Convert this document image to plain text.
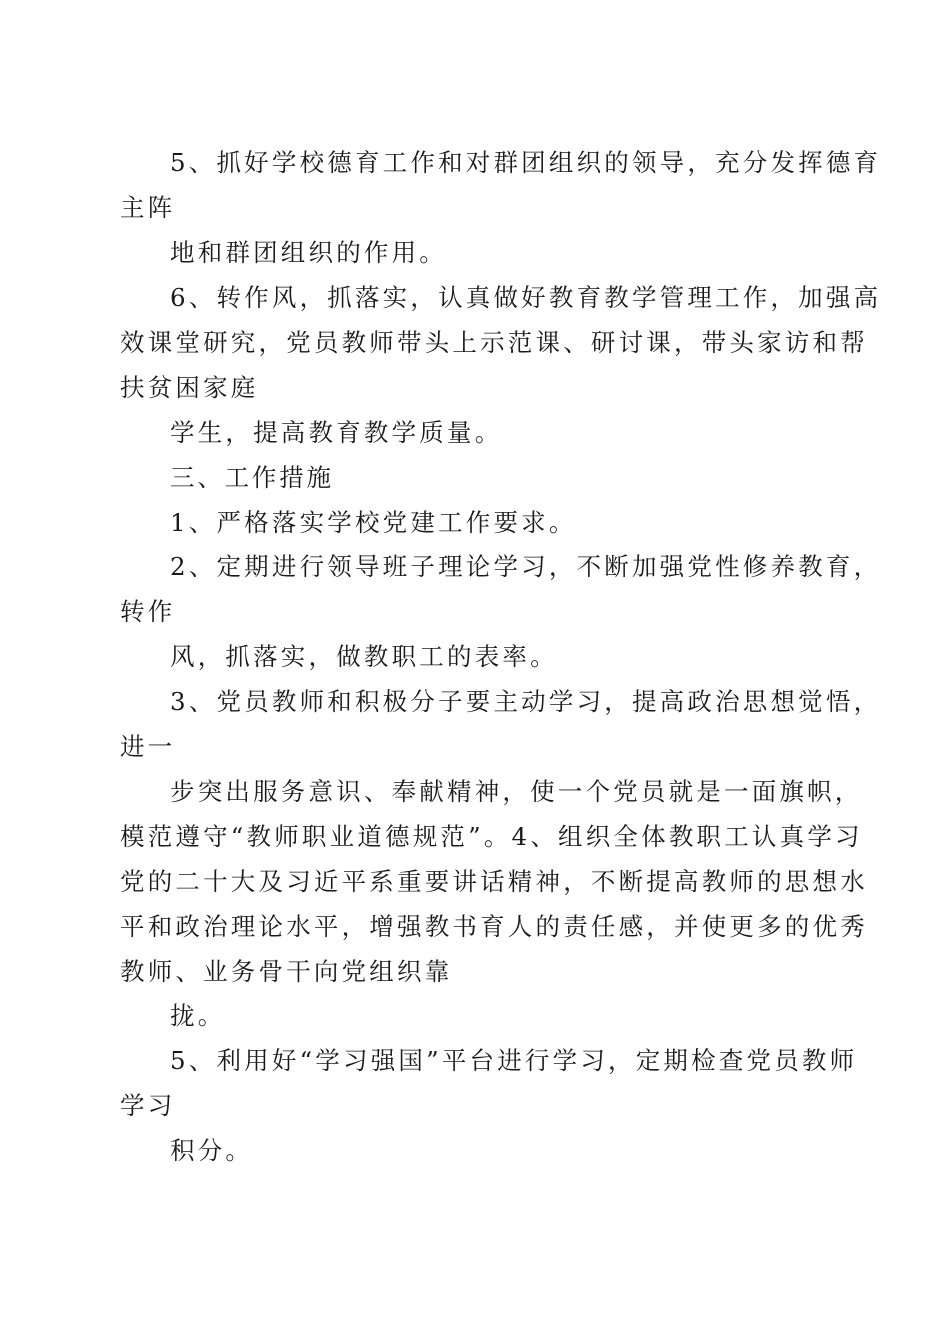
5、抓好学校德育工作和对群团组织的领导，充分发挥德育
主阵
地和群团组织的作用。
6、转作风，抓落实，认真做好教育教学管理工作，加强高
效课堂研究，党员教师带头上示范课、研讨课，带头家访和帮
扶贫困家庭
学生，提高教育教学质量。
三、工作措施
1、严格落实学校党建工作要求。
2、定期进行领导班子理论学习，不断加强党性修养教育，
转作
风，抓落实，做教职工的表率。
3、党员教师和积极分子要主动学习，提高政治思想觉悟，
进一
步突出服务意识、奉献精神，使一个党员就是一面旗帜，
模范遵守“教师职业道德规范”。4、组织全体教职工认真学习
党的二十大及习近平系重要讲话精神，不断提高教师的思想水
平和政治理论水平，增强教书育人的责任感，并使更多的优秀
教师、业务骨干向党组织靠
拢。
5、利用好“学习强国”平台进行学习，定期检查党员教师
学习
积分。
